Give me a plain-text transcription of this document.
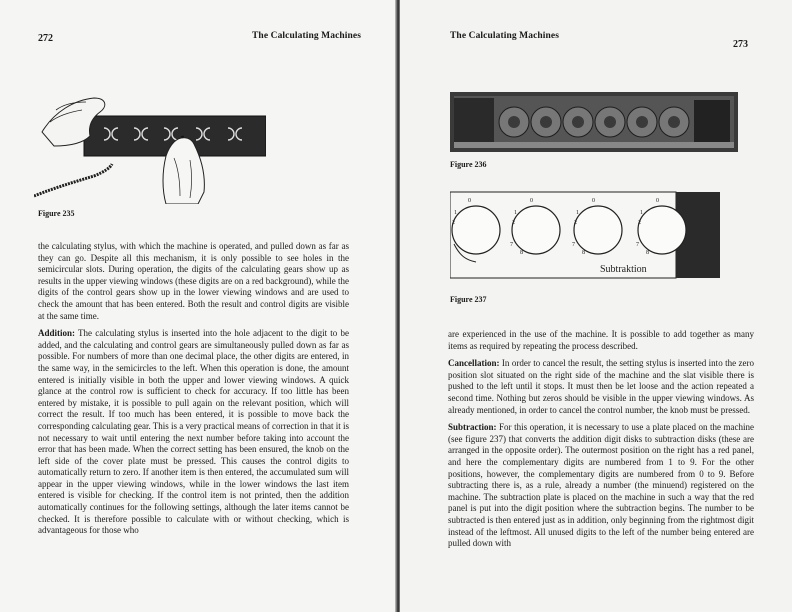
272	The Calculating Machines
Figure 235

the calculating stylus, with which the machine is operated, and pulled down as far as they can go. Despite all this mechanism, it is only possible to see holes in the semicircular slots. During operation, the digits of the calculating gears show up as results in the upper viewing windows (these digits are on a red background), while the digits of the control gears show up in the lower viewing windows and are used to check the amount that has been entered. Both the result and control digits are visible at the same time.

Addition: The calculating stylus is inserted into the hole adjacent to the digit to be added, and the calculating and control gears are simultaneously pulled down as far as possible. For numbers of more than one decimal place, the other digits are entered, in the same way, in the semicircles to the left. When this operation is done, the amount entered is initially visible in both the upper and lower viewing windows. A quick glance at the control row is sufficient to check for accuracy. If too little has been entered by mistake, it is possible to pull again on the relevant position, which will correct the result. If too much has been entered, it is possible to move back the corresponding calculating gear. This is a very practical means of correction in that it is not necessary to wait until entering the next number before taking into account the error that has been made. When the correct setting has been ensured, the knob on the left side of the cover plate must be pressed. This causes the control digits to automatically return to zero. If another item is then entered, the accumulated sum will appear in the upper viewing windows, while in the lower windows the last item entered is visible for checking. If the control item is not printed, then the addition automatically continues for the following settings, although the later items cannot be checked. It is therefore possible to calculate with or without checking, which is advantageous for those who

The Calculating Machines
273
Figure 236
0	0	0	0
1	1	1	1
2	2	2	2
7	7	7
8	8	8
Subtraktion
Figure 237

are experienced in the use of the machine. It is possible to add together as many items as required by repeating the process described.

Cancellation: In order to cancel the result, the setting stylus is inserted into the zero position slot situated on the right side of the machine and the slat visible there is pushed to the left until it stops. It must then be let loose and the action repeated a second time. Nothing but zeros should be visible in the upper viewing windows. As already mentioned, in order to cancel the control number, the knob must be pressed.

Subtraction: For this operation, it is necessary to use a plate placed on the machine (see figure 237) that converts the addition digit disks to subtraction disks (these are arranged in the opposite order). The outermost position on the right has a red panel, and here the complementary digits are numbered from 1 to 9. For the other positions, however, the complementary digits are numbered from 0 to 9. Before subtracting there is, as a rule, already a number (the minuend) registered on the machine. The subtraction plate is placed on the machine in such a way that the red panel is put into the digit position where the subtraction begins. The number to be subtracted is then entered just as in addition, only beginning from the rightmost digit instead of the leftmost. All unused digits to the left of the number being entered are pulled down with
